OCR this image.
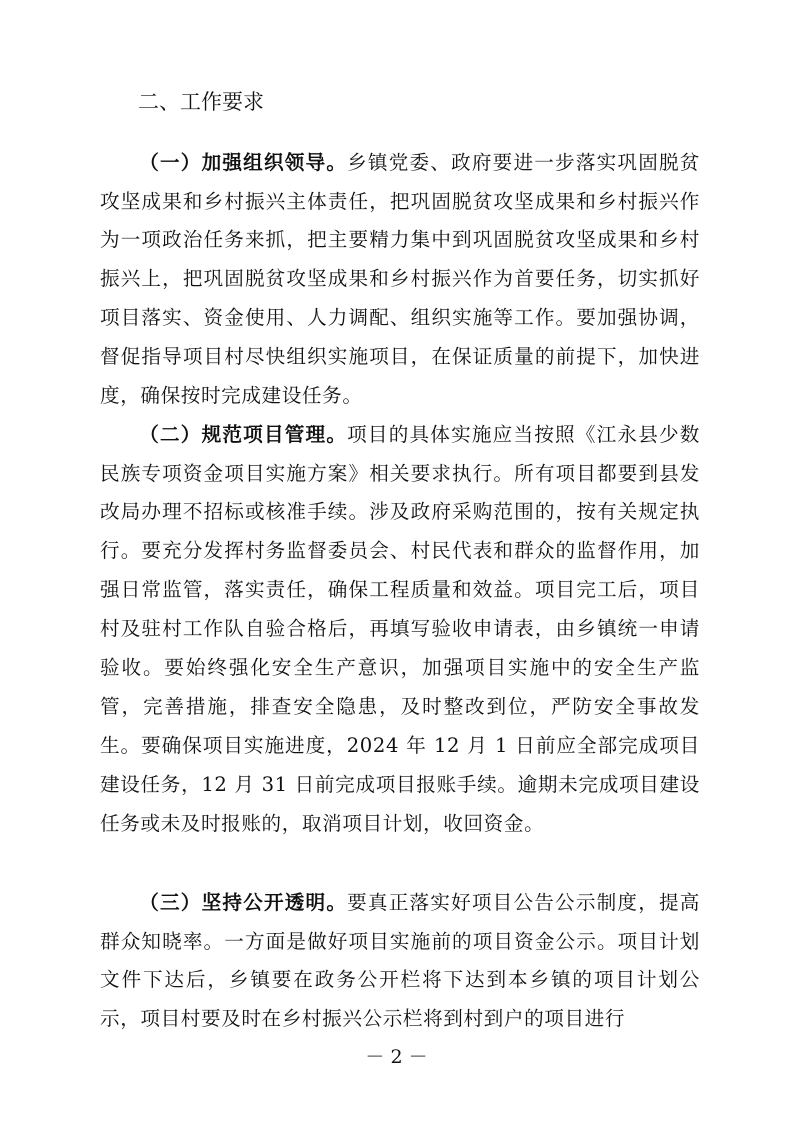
二、工作要求

（一）加强组织领导。乡镇党委、政府要进一步落实巩固脱贫攻坚成果和乡村振兴主体责任，把巩固脱贫攻坚成果和乡村振兴作为一项政治任务来抓，把主要精力集中到巩固脱贫攻坚成果和乡村振兴上，把巩固脱贫攻坚成果和乡村振兴作为首要任务，切实抓好项目落实、资金使用、人力调配、组织实施等工作。要加强协调，督促指导项目村尽快组织实施项目，在保证质量的前提下，加快进度，确保按时完成建设任务。

（二）规范项目管理。项目的具体实施应当按照《江永县少数民族专项资金项目实施方案》相关要求执行。所有项目都要到县发改局办理不招标或核准手续。涉及政府采购范围的，按有关规定执行。要充分发挥村务监督委员会、村民代表和群众的监督作用，加强日常监管，落实责任，确保工程质量和效益。项目完工后，项目村及驻村工作队自验合格后，再填写验收申请表，由乡镇统一申请验收。要始终强化安全生产意识，加强项目实施中的安全生产监管，完善措施，排查安全隐患，及时整改到位，严防安全事故发生。要确保项目实施进度，2024 年 12 月 1 日前应全部完成项目建设任务，12 月 31 日前完成项目报账手续。逾期未完成项目建设任务或未及时报账的，取消项目计划，收回资金。

（三）坚持公开透明。要真正落实好项目公告公示制度，提高群众知晓率。一方面是做好项目实施前的项目资金公示。项目计划文件下达后，乡镇要在政务公开栏将下达到本乡镇的项目计划公示，项目村要及时在乡村振兴公示栏将到村到户的项目进行

－ 2 －
